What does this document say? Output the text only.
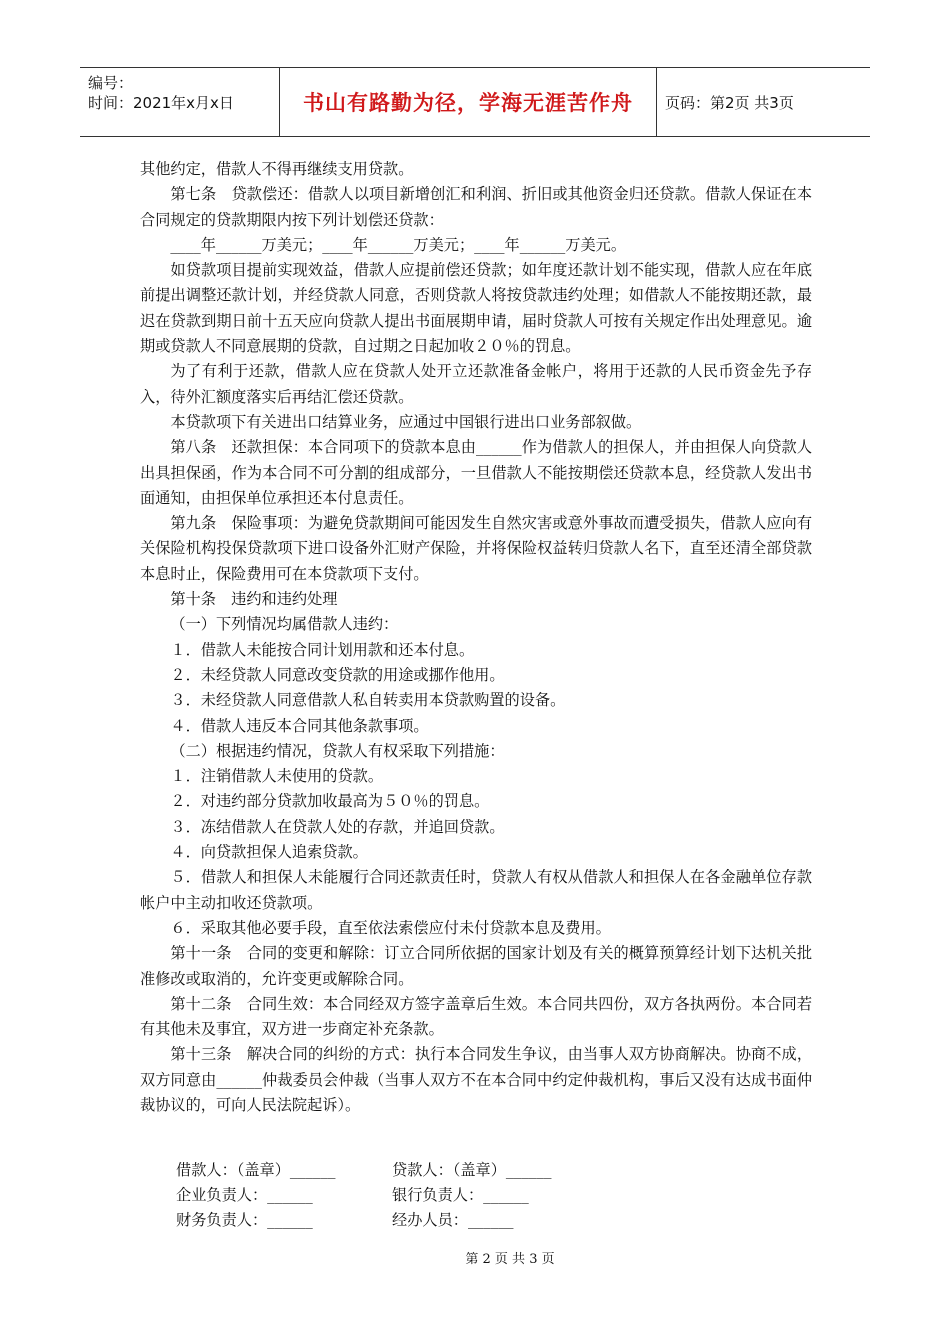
编号：
时间：2021年x月x日	书山有路勤为径，学海无涯苦作舟	页码：第2页 共3页

其他约定，借款人不得再继续支用贷款。

第七条　贷款偿还：借款人以项目新增创汇和利润、折旧或其他资金归还贷款。借款人保证在本合同规定的贷款期限内按下列计划偿还贷款：

____年______万美元；____年______万美元；____年______万美元。

如贷款项目提前实现效益，借款人应提前偿还贷款；如年度还款计划不能实现，借款人应在年底前提出调整还款计划，并经贷款人同意，否则贷款人将按贷款违约处理；如借款人不能按期还款，最迟在贷款到期日前十五天应向贷款人提出书面展期申请，届时贷款人可按有关规定作出处理意见。逾期或贷款人不同意展期的贷款，自过期之日起加收２０％的罚息。

为了有利于还款，借款人应在贷款人处开立还款准备金帐户，将用于还款的人民币资金先予存入，待外汇额度落实后再结汇偿还贷款。

本贷款项下有关进出口结算业务，应通过中国银行进出口业务部叙做。

第八条　还款担保：本合同项下的贷款本息由______作为借款人的担保人，并由担保人向贷款人出具担保函，作为本合同不可分割的组成部分，一旦借款人不能按期偿还贷款本息，经贷款人发出书面通知，由担保单位承担还本付息责任。

第九条　保险事项：为避免贷款期间可能因发生自然灾害或意外事故而遭受损失，借款人应向有关保险机构投保贷款项下进口设备外汇财产保险，并将保险权益转归贷款人名下，直至还清全部贷款本息时止，保险费用可在本贷款项下支付。

第十条　违约和违约处理

（一）下列情况均属借款人违约：

１．借款人未能按合同计划用款和还本付息。

２．未经贷款人同意改变贷款的用途或挪作他用。

３．未经贷款人同意借款人私自转卖用本贷款购置的设备。

４．借款人违反本合同其他条款事项。

（二）根据违约情况，贷款人有权采取下列措施：

１．注销借款人未使用的贷款。

２．对违约部分贷款加收最高为５０％的罚息。

３．冻结借款人在贷款人处的存款，并追回贷款。

４．向贷款担保人追索贷款。

５．借款人和担保人未能履行合同还款责任时，贷款人有权从借款人和担保人在各金融单位存款帐户中主动扣收还贷款项。

６．采取其他必要手段，直至依法索偿应付未付贷款本息及费用。

第十一条　合同的变更和解除：订立合同所依据的国家计划及有关的概算预算经计划下达机关批准修改或取消的，允许变更或解除合同。

第十二条　合同生效：本合同经双方签字盖章后生效。本合同共四份，双方各执两份。本合同若有其他未及事宜，双方进一步商定补充条款。

第十三条　解决合同的纠纷的方式：执行本合同发生争议，由当事人双方协商解决。协商不成，双方同意由______仲裁委员会仲裁（当事人双方不在本合同中约定仲裁机构，事后又没有达成书面仲裁协议的，可向人民法院起诉）。

借款人：（盖章）______	贷款人：（盖章）______
企业负责人：______	银行负责人：______
财务负责人：______	经办人员：______
第 2 页 共 3 页
